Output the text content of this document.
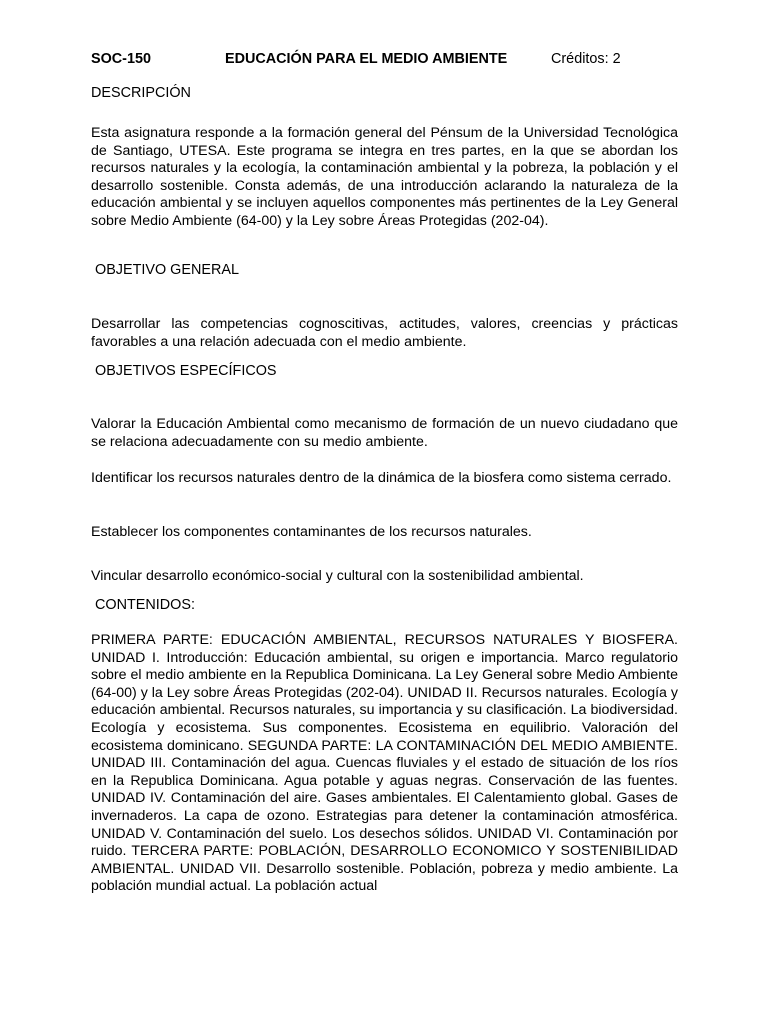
SOC-150	EDUCACIÓN PARA EL MEDIO AMBIENTE	Créditos: 2
DESCRIPCIÓN
Esta asignatura responde a la formación general del Pénsum de la Universidad Tecnológica de Santiago, UTESA. Este programa se integra en tres partes, en la que se abordan los recursos naturales y la ecología, la contaminación ambiental y la pobreza, la población y el desarrollo sostenible. Consta además, de una introducción aclarando la naturaleza de la educación ambiental y se incluyen aquellos componentes más pertinentes de la Ley General sobre Medio Ambiente (64-00) y la Ley sobre Áreas Protegidas (202-04).
OBJETIVO GENERAL
Desarrollar las competencias cognoscitivas, actitudes, valores, creencias y prácticas favorables a una relación adecuada con el medio ambiente.
OBJETIVOS ESPECÍFICOS
Valorar la Educación Ambiental como mecanismo de formación de un nuevo ciudadano que se relaciona adecuadamente con su medio ambiente.
Identificar los recursos naturales dentro de la dinámica de la biosfera como sistema cerrado.
Establecer los componentes contaminantes de los recursos naturales.
Vincular desarrollo económico-social y cultural con la sostenibilidad ambiental.
CONTENIDOS:
PRIMERA PARTE: EDUCACIÓN AMBIENTAL, RECURSOS NATURALES Y BIOSFERA. UNIDAD I. Introducción: Educación ambiental, su origen e importancia. Marco regulatorio sobre el medio ambiente en la Republica Dominicana. La Ley General sobre Medio Ambiente (64-00) y la Ley sobre Áreas Protegidas (202-04). UNIDAD II. Recursos naturales. Ecología y educación ambiental. Recursos naturales, su importancia y su clasificación. La biodiversidad. Ecología y ecosistema. Sus componentes. Ecosistema en equilibrio. Valoración del ecosistema dominicano. SEGUNDA PARTE: LA CONTAMINACIÓN DEL MEDIO AMBIENTE. UNIDAD III. Contaminación del agua. Cuencas fluviales y el estado de situación de los ríos en la Republica Dominicana. Agua potable y aguas negras. Conservación de las fuentes. UNIDAD IV. Contaminación del aire. Gases ambientales. El Calentamiento global. Gases de invernaderos. La capa de ozono. Estrategias para detener la contaminación atmosférica. UNIDAD V. Contaminación del suelo. Los desechos sólidos. UNIDAD VI. Contaminación por ruido. TERCERA PARTE: POBLACIÓN, DESARROLLO ECONOMICO Y SOSTENIBILIDAD AMBIENTAL. UNIDAD VII. Desarrollo sostenible. Población, pobreza y medio ambiente. La población mundial actual. La población actual
